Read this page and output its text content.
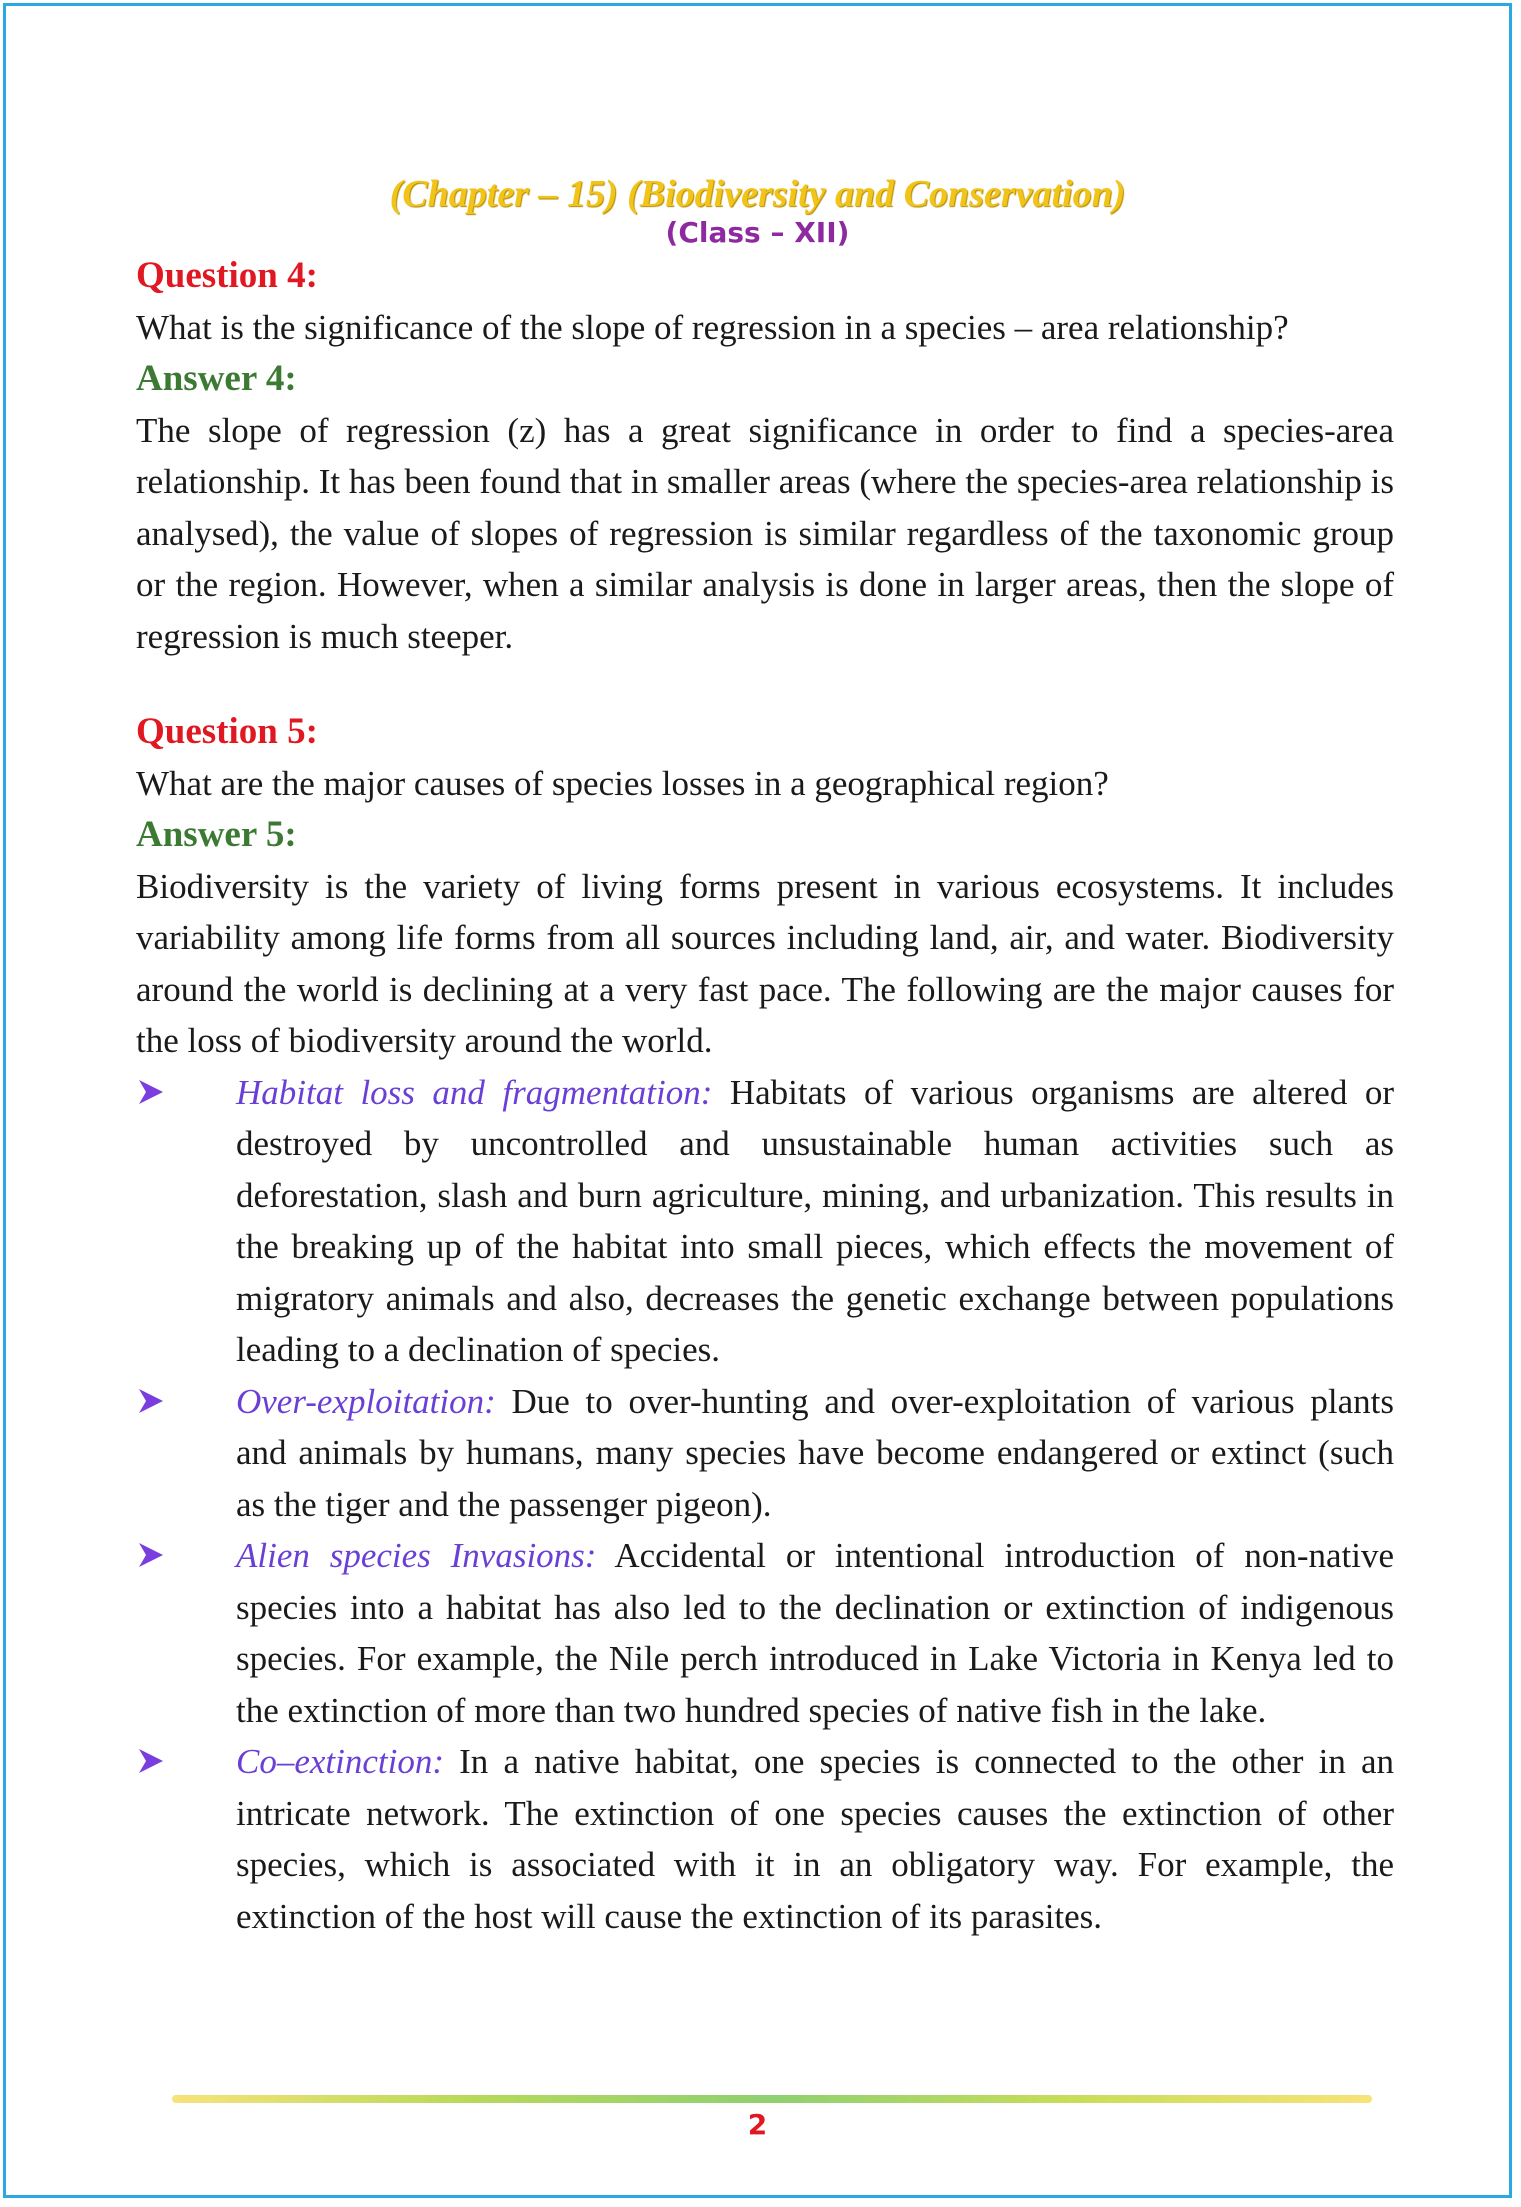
(Chapter – 15) (Biodiversity and Conservation)
(Class – XII)
Question 4:
What is the significance of the slope of regression in a species – area relationship?
Answer 4:
The slope of regression (z) has a great significance in order to find a species-area relationship. It has been found that in smaller areas (where the species-area relationship is analysed), the value of slopes of regression is similar regardless of the taxonomic group or the region. However, when a similar analysis is done in larger areas, then the slope of regression is much steeper.
Question 5:
What are the major causes of species losses in a geographical region?
Answer 5:
Biodiversity is the variety of living forms present in various ecosystems. It includes variability among life forms from all sources including land, air, and water. Biodiversity around the world is declining at a very fast pace. The following are the major causes for the loss of biodiversity around the world.
Habitat loss and fragmentation: Habitats of various organisms are altered or destroyed by uncontrolled and unsustainable human activities such as deforestation, slash and burn agriculture, mining, and urbanization. This results in the breaking up of the habitat into small pieces, which effects the movement of migratory animals and also, decreases the genetic exchange between populations leading to a declination of species.
Over-exploitation: Due to over-hunting and over-exploitation of various plants and animals by humans, many species have become endangered or extinct (such as the tiger and the passenger pigeon).
Alien species Invasions: Accidental or intentional introduction of non-native species into a habitat has also led to the declination or extinction of indigenous species. For example, the Nile perch introduced in Lake Victoria in Kenya led to the extinction of more than two hundred species of native fish in the lake.
Co–extinction: In a native habitat, one species is connected to the other in an intricate network. The extinction of one species causes the extinction of other species, which is associated with it in an obligatory way. For example, the extinction of the host will cause the extinction of its parasites.
2
